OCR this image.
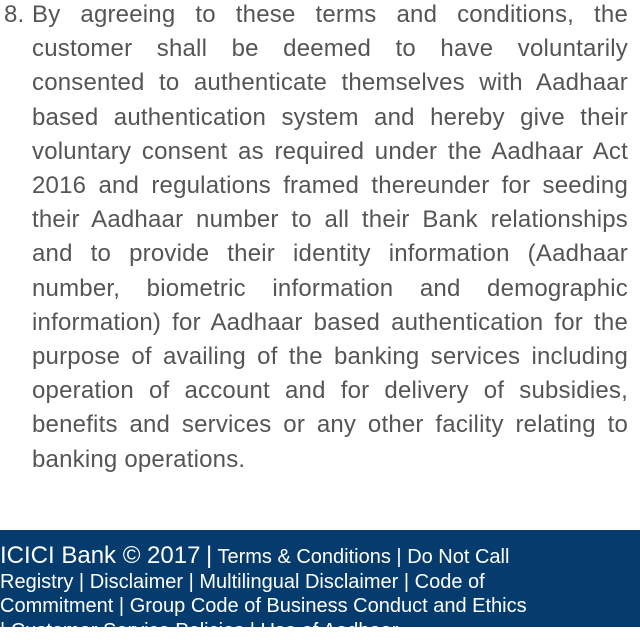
8. By agreeing to these terms and conditions, the customer shall be deemed to have voluntarily consented to authenticate themselves with Aadhaar based authentication system and hereby give their voluntary consent as required under the Aadhaar Act 2016 and regulations framed thereunder for seeding their Aadhaar number to all their Bank relationships and to provide their identity information (Aadhaar number, biometric information and demographic information) for Aadhaar based authentication for the purpose of availing of the banking services including operation of account and for delivery of subsidies, benefits and services or any other facility relating to banking operations.
ICICI Bank © 2017 | Terms & Conditions | Do Not Call Registry | Disclaimer | Multilingual Disclaimer | Code of Commitment | Group Code of Business Conduct and Ethics | Customer Service Policies | Use of Aadhaar
